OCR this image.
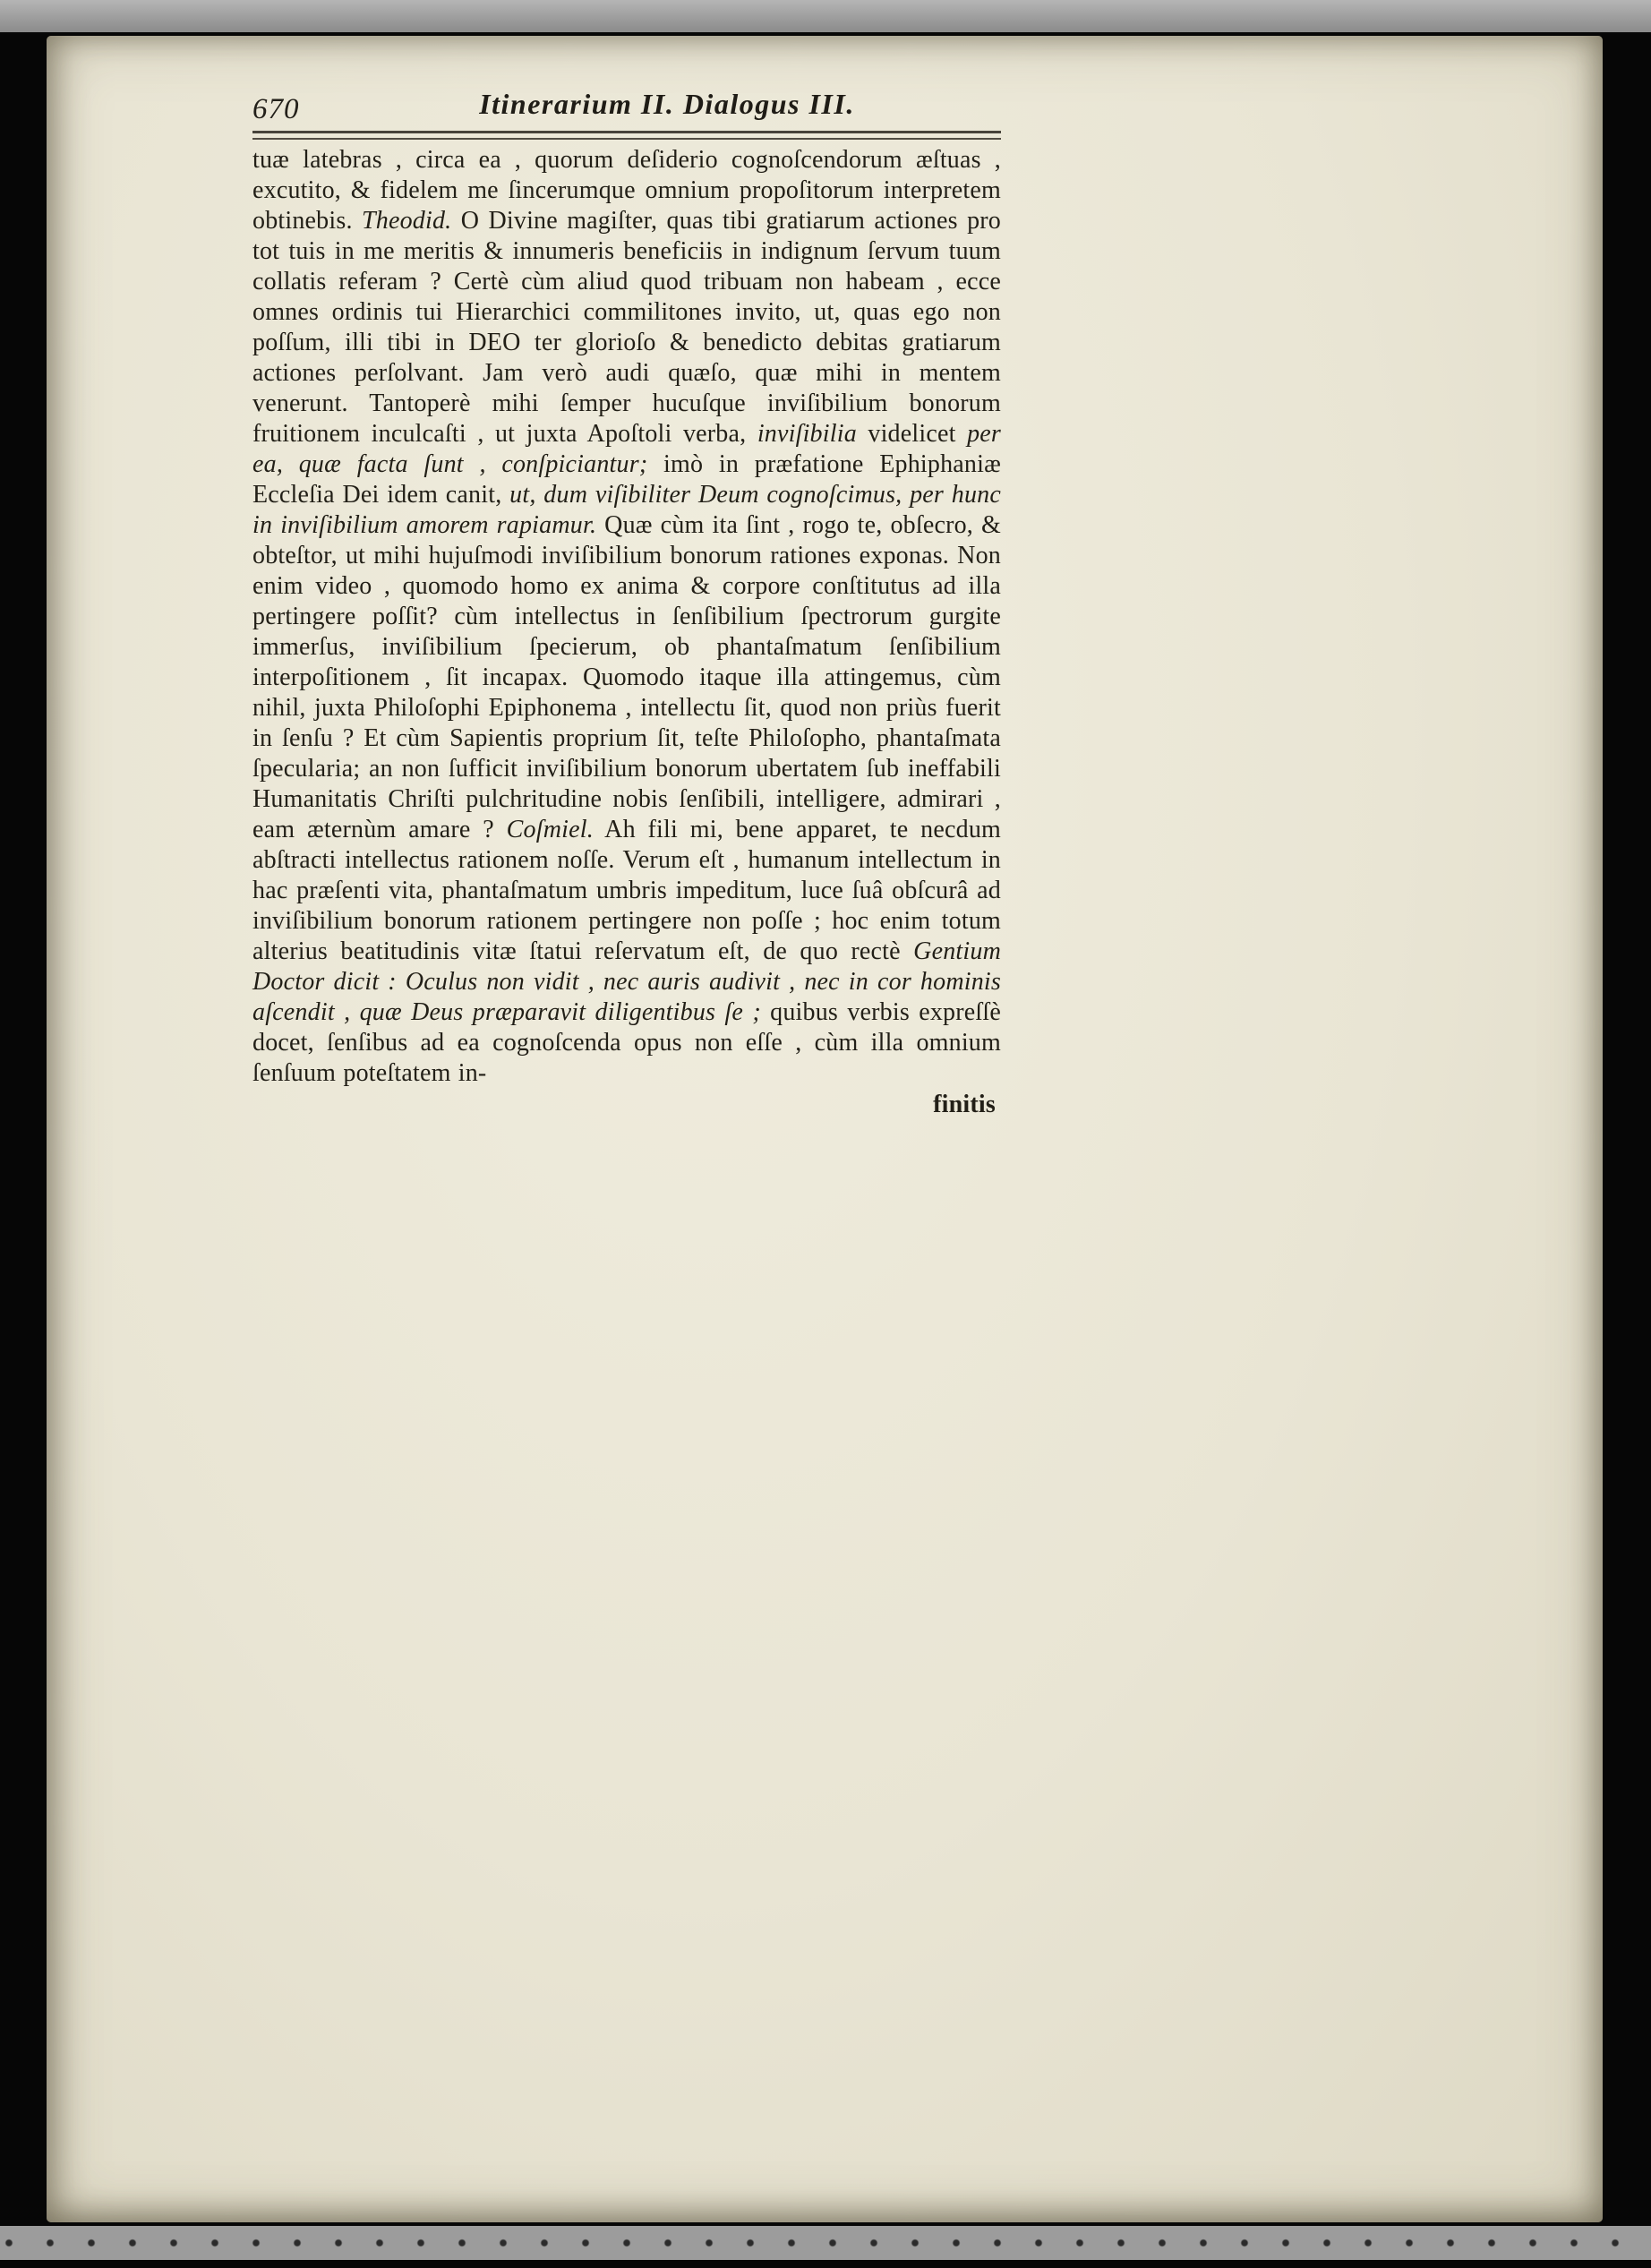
670	Itinerarium II. Dialogus III.
tuæ latebras , circa ea , quorum deſiderio cognoſcendorum æſtuas , excutito, & fidelem me ſincerumque omnium propoſitorum interpretem obtinebis. Theodid. O Divine magiſter, quas tibi gratiarum actiones pro tot tuis in me meritis & innumeris beneficiis in indignum ſervum tuum collatis referam ? Certè cùm aliud quod tribuam non habeam , ecce omnes ordinis tui Hierarchici commilitones invito, ut, quas ego non poſſum, illi tibi in DEO ter glorioſo & benedicto debitas gratiarum actiones perſolvant. Jam verò audi quæſo, quæ mihi in mentem venerunt. Tantoperè mihi ſemper hucuſque inviſibilium bonorum fruitionem inculcaſti , ut juxta Apoſtoli verba, inviſibilia videlicet per ea, quæ facta ſunt , conſpiciantur; imò in præfatione Ephiphaniæ Eccleſia Dei idem canit, ut, dum viſibiliter Deum cognoſcimus, per hunc in inviſibilium amorem rapiamur. Quæ cùm ita ſint , rogo te, obſecro, & obteſtor, ut mihi hujuſmodi inviſibilium bonorum rationes exponas. Non enim video , quomodo homo ex anima & corpore conſtitutus ad illa pertingere poſſit? cùm intellectus in ſenſibilium ſpectrorum gurgite immerſus, inviſibilium ſpecierum, ob phantaſmatum ſenſibilium interpoſitionem , ſit incapax. Quomodo itaque illa attingemus, cùm nihil, juxta Philoſophi Epiphonema , intellectu ſit, quod non priùs fuerit in ſenſu ? Et cùm Sapientis proprium ſit, teſte Philoſopho, phantaſmata ſpecularia; an non ſufficit inviſibilium bonorum ubertatem ſub ineffabili Humanitatis Chriſti pulchritudine nobis ſenſibili, intelligere, admirari , eam æternùm amare ? Coſmiel. Ah fili mi, bene apparet, te necdum abſtracti intellectus rationem noſſe. Verum eſt , humanum intellectum in hac præſenti vita, phantaſmatum umbris impeditum, luce ſuâ obſcurâ ad inviſibilium bonorum rationem pertingere non poſſe ; hoc enim totum alterius beatitudinis vitæ ſtatui reſervatum eſt, de quo rectè Gentium Doctor dicit : Oculus non vidit , nec auris audivit , nec in cor hominis aſcendit , quæ Deus præparavit diligentibus ſe ; quibus verbis expreſſè docet, ſenſibus ad ea cognoſcenda opus non eſſe , cùm illa omnium ſenſuum poteſtatem in-
finitis
